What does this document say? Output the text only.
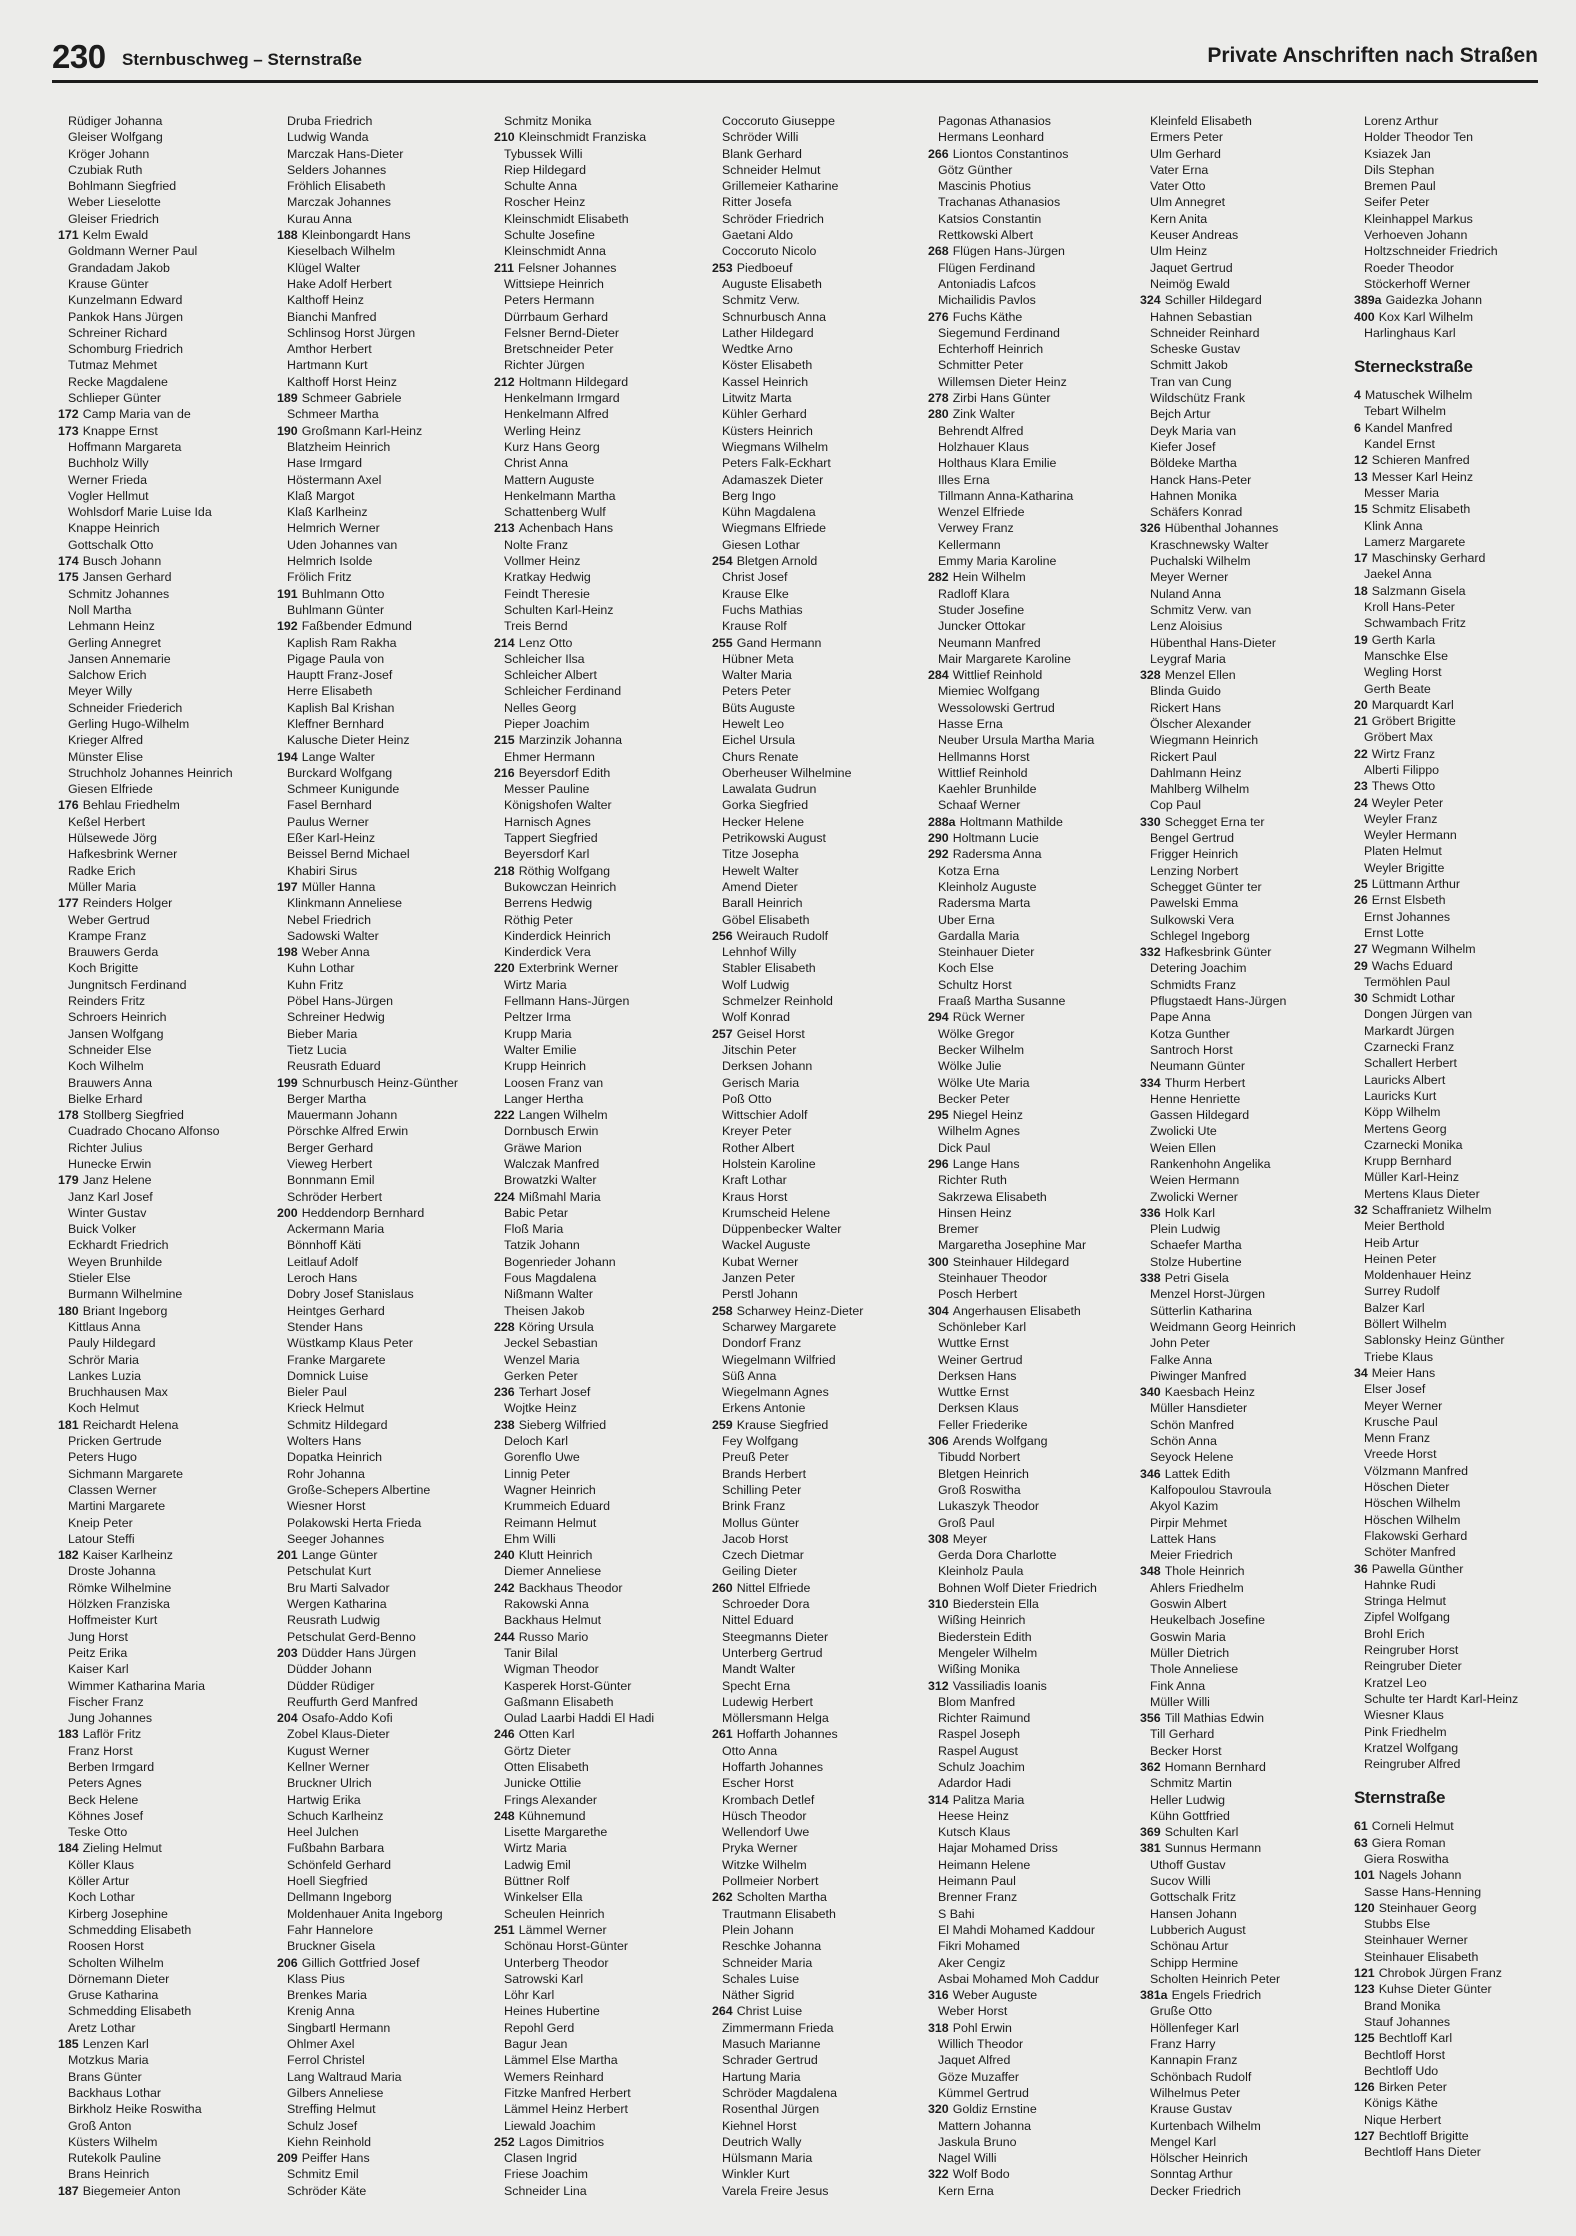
230 Sternbuschweg – Sternstraße	Private Anschriften nach Straßen
Rüdiger Johanna
Gleiser Wolfgang
Kröger Johann
Czubiak Ruth
Bohlmann Siegfried
Weber Lieselotte
Gleiser Friedrich
171 Kelm Ewald
Goldmann Werner Paul
Grandadam Jakob
Krause Günter
Kunzelmann Edward
Pankok Hans Jürgen
Schreiner Richard
Schomburg Friedrich
Tutmaz Mehmet
Recke Magdalene
Schlieper Günter
172 Camp Maria van de
173 Knappe Ernst
Hoffmann Margareta
Buchholz Willy
Werner Frieda
Vogler Hellmut
Wohlsdorf Marie Luise Ida
Knappe Heinrich
Gottschalk Otto
174 Busch Johann
175 Jansen Gerhard
Schmitz Johannes
Noll Martha
Lehmann Heinz
Gerling Annegret
Jansen Annemarie
Salchow Erich
Meyer Willy
Schneider Friederich
Gerling Hugo-Wilhelm
Krieger Alfred
Münster Elise
Struchholz Johannes Heinrich
Giesen Elfriede
176 Behlau Friedhelm
Keßel Herbert
Hülsewede Jörg
Hafkesbrink Werner
Radke Erich
Müller Maria
177 Reinders Holger
Weber Gertrud
Krampe Franz
Brauwers Gerda
Koch Brigitte
Jungnitsch Ferdinand
Reinders Fritz
Schroers Heinrich
Jansen Wolfgang
Schneider Else
Koch Wilhelm
Brauwers Anna
Bielke Erhard
178 Stollberg Siegfried
Cuadrado Chocano Alfonso
Richter Julius
Hunecke Erwin
179 Janz Helene
Janz Karl Josef
Winter Gustav
Buick Volker
Eckhardt Friedrich
Weyen Brunhilde
Stieler Else
Burmann Wilhelmine
180 Briant Ingeborg
Kittlaus Anna
Pauly Hildegard
Schrör Maria
Lankes Luzia
Bruchhausen Max
Koch Helmut
181 Reichardt Helena
Pricken Gertrude
Peters Hugo
Sichmann Margarete
Classen Werner
Martini Margarete
Kneip Peter
Latour Steffi
182 Kaiser Karlheinz
Droste Johanna
Römke Wilhelmine
Hölzken Franziska
Hoffmeister Kurt
Jung Horst
Peitz Erika
Kaiser Karl
Wimmer Katharina Maria
Fischer Franz
Jung Johannes
183 Laflör Fritz
Franz Horst
Berben Irmgard
Peters Agnes
Beck Helene
Köhnes Josef
Teske Otto
184 Zieling Helmut
Köller Klaus
Köller Artur
Koch Lothar
Kirberg Josephine
Schmedding Elisabeth
Roosen Horst
Scholten Wilhelm
Dörnemann Dieter
Gruse Katharina
Schmedding Elisabeth
Aretz Lothar
185 Lenzen Karl
Motzkus Maria
Brans Günter
Backhaus Lothar
Birkholz Heike Roswitha
Groß Anton
Küsters Wilhelm
Rutekolk Pauline
Brans Heinrich
187 Biegemeier Anton
Druba Friedrich
Ludwig Wanda
Marczak Hans-Dieter
Selders Johannes
Fröhlich Elisabeth
Marczak Johannes
Kurau Anna
188 Kleinbongardt Hans
Kieselbach Wilhelm
Klügel Walter
Hake Adolf Herbert
Kalthoff Heinz
Bianchi Manfred
Schlinsog Horst Jürgen
Amthor Herbert
Hartmann Kurt
Kalthoff Horst Heinz
189 Schmeer Gabriele
Schmeer Martha
190 Großmann Karl-Heinz
Blatzheim Heinrich
Hase Irmgard
Höstermann Axel
Klaß Margot
Klaß Karlheinz
Helmrich Werner
Uden Johannes van
Helmrich Isolde
Frölich Fritz
191 Buhlmann Otto
Buhlmann Günter
192 Faßbender Edmund
Kaplish Ram Rakha
Pigage Paula von
Hauptt Franz-Josef
Herre Elisabeth
Kaplish Bal Krishan
Kleffner Bernhard
Kalusche Dieter Heinz
194 Lange Walter
Burckard Wolfgang
Schmeer Kunigunde
Fasel Bernhard
Paulus Werner
Eßer Karl-Heinz
Beissel Bernd Michael
Khabiri Sirus
197 Müller Hanna
Klinkmann Anneliese
Nebel Friedrich
Sadowski Walter
198 Weber Anna
Kuhn Lothar
Kuhn Fritz
Pöbel Hans-Jürgen
Schreiner Hedwig
Bieber Maria
Tietz Lucia
Reusrath Eduard
199 Schnurbusch Heinz-Günther
Berger Martha
Mauermann Johann
Pörschke Alfred Erwin
Berger Gerhard
Vieweg Herbert
Bonnmann Emil
Schröder Herbert
200 Heddendorp Bernhard
Ackermann Maria
Bönnhoff Käti
Leitlauf Adolf
Leroch Hans
Dobry Josef Stanislaus
Heintges Gerhard
Stender Hans
Wüstkamp Klaus Peter
Franke Margarete
Domnick Luise
Bieler Paul
Krieck Helmut
Schmitz Hildegard
Wolters Hans
Dopatka Heinrich
Rohr Johanna
Große-Schepers Albertine
Wiesner Horst
Polakowski Herta Frieda
Seeger Johannes
201 Lange Günter
Petschulat Kurt
Bru Marti Salvador
Wergen Katharina
Reusrath Ludwig
Petschulat Gerd-Benno
203 Düdder Hans Jürgen
Düdder Johann
Düdder Rüdiger
Reuffurth Gerd Manfred
204 Osafo-Addo Kofi
Zobel Klaus-Dieter
Kugust Werner
Kellner Werner
Bruckner Ulrich
Hartwig Erika
Schuch Karlheinz
Heel Julchen
Fußbahn Barbara
Schönfeld Gerhard
Hoell Siegfried
Dellmann Ingeborg
Moldenhauer Anita Ingeborg
Fahr Hannelore
Bruckner Gisela
206 Gillich Gottfried Josef
Klass Pius
Brenkes Maria
Krenig Anna
Singbartl Hermann
Ohlmer Axel
Ferrol Christel
Lang Waltraud Maria
Gilbers Anneliese
Streffing Helmut
Schulz Josef
Kiehn Reinhold
209 Peiffer Hans
Schmitz Emil
Schröder Käte
Schmitz Monika
210 Kleinschmidt Franziska
Tybussek Willi
Riep Hildegard
Schulte Anna
Roscher Heinz
Kleinschmidt Elisabeth
Schulte Josefine
Kleinschmidt Anna
211 Felsner Johannes
Wittsiepe Heinrich
Peters Hermann
Dürrbaum Gerhard
Felsner Bernd-Dieter
Bretschneider Peter
Richter Jürgen
212 Holtmann Hildegard
Henkelmann Irmgard
Henkelmann Alfred
Werling Heinz
Kurz Hans Georg
Christ Anna
Mattern Auguste
Henkelmann Martha
Schattenberg Wulf
213 Achenbach Hans
Nolte Franz
Vollmer Heinz
Kratkay Hedwig
Feindt Theresie
Schulten Karl-Heinz
Treis Bernd
214 Lenz Otto
Schleicher Ilsa
Schleicher Albert
Schleicher Ferdinand
Nelles Georg
Pieper Joachim
215 Marzinzik Johanna
Ehmer Hermann
216 Beyersdorf Edith
Messer Pauline
Königshofen Walter
Harnisch Agnes
Tappert Siegfried
Beyersdorf Karl
218 Röthig Wolfgang
Bukowczan Heinrich
Berrens Hedwig
Röthig Peter
Kinderdick Heinrich
Kinderdick Vera
220 Exterbrink Werner
Wirtz Maria
Fellmann Hans-Jürgen
Peltzer Irma
Krupp Maria
Walter Emilie
Krupp Heinrich
Loosen Franz van
Langer Hertha
222 Langen Wilhelm
Dornbusch Erwin
Gräwe Marion
Walczak Manfred
Browatzki Walter
224 Mißmahl Maria
Babic Petar
Floß Maria
Tatzik Johann
Bogenrieder Johann
Fous Magdalena
Nißmann Walter
Theisen Jakob
228 Köring Ursula
Jeckel Sebastian
Wenzel Maria
Gerken Peter
236 Terhart Josef
Wojtke Heinz
238 Sieberg Wilfried
Deloch Karl
Gorenflo Uwe
Linnig Peter
Wagner Heinrich
Krummeich Eduard
Reimann Helmut
Ehm Willi
240 Klutt Heinrich
Diemer Anneliese
242 Backhaus Theodor
Rakowski Anna
Backhaus Helmut
244 Russo Mario
Tanir Bilal
Wigman Theodor
Kasperek Horst-Günter
Gaßmann Elisabeth
Oulad Laarbi Haddi El Hadi
246 Otten Karl
Görtz Dieter
Otten Elisabeth
Junicke Ottilie
Frings Alexander
248 Kühnemund
Lisette Margarethe
Wirtz Maria
Ladwig Emil
Büttner Rolf
Winkelser Ella
Scheulen Heinrich
251 Lämmel Werner
Schönau Horst-Günter
Unterberg Theodor
Satrowski Karl
Löhr Karl
Heines Hubertine
Repohl Gerd
Bagur Jean
Lämmel Else Martha
Wemers Reinhard
Fitzke Manfred Herbert
Lämmel Heinz Herbert
Liewald Joachim
252 Lagos Dimitrios
Clasen Ingrid
Friese Joachim
Schneider Lina
Coccoruto Giuseppe
Schröder Willi
Blank Gerhard
Schneider Helmut
Grillemeier Katharine
Ritter Josefa
Schröder Friedrich
Gaetani Aldo
Coccoruto Nicolo
253 Piedboeuf
Auguste Elisabeth
Schmitz Verw.
Schnurbusch Anna
Lather Hildegard
Wedtke Arno
Köster Elisabeth
Kassel Heinrich
Litwitz Marta
Kühler Gerhard
Küsters Heinrich
Wiegmans Wilhelm
Peters Falk-Eckhart
Adamaszek Dieter
Berg Ingo
Kühn Magdalena
Wiegmans Elfriede
Giesen Lothar
254 Bletgen Arnold
Christ Josef
Krause Elke
Fuchs Mathias
Krause Rolf
255 Gand Hermann
Hübner Meta
Walter Maria
Peters Peter
Büts Auguste
Hewelt Leo
Eichel Ursula
Churs Renate
Oberheuser Wilhelmine
Lawalata Gudrun
Gorka Siegfried
Hecker Helene
Petrikowski August
Titze Josepha
Hewelt Walter
Amend Dieter
Barall Heinrich
Göbel Elisabeth
256 Weirauch Rudolf
Lehnhof Willy
Stabler Elisabeth
Wolf Ludwig
Schmelzer Reinhold
Wolf Konrad
257 Geisel Horst
Jitschin Peter
Derksen Johann
Gerisch Maria
Poß Otto
Wittschier Adolf
Kreyer Peter
Rother Albert
Holstein Karoline
Kraft Lothar
Kraus Horst
Krumscheid Helene
Düppenbecker Walter
Wackel Auguste
Kubat Werner
Janzen Peter
Perstl Johann
258 Scharwey Heinz-Dieter
Scharwey Margarete
Dondorf Franz
Wiegelmann Wilfried
Süß Anna
Wiegelmann Agnes
Erkens Antonie
259 Krause Siegfried
Fey Wolfgang
Preuß Peter
Brands Herbert
Schilling Peter
Brink Franz
Mollus Günter
Jacob Horst
Czech Dietmar
Geiling Dieter
260 Nittel Elfriede
Schroeder Dora
Nittel Eduard
Steegmanns Dieter
Unterberg Gertrud
Mandt Walter
Specht Erna
Ludewig Herbert
Möllersmann Helga
261 Hoffarth Johannes
Otto Anna
Hoffarth Johannes
Escher Horst
Krombach Detlef
Hüsch Theodor
Wellendorf Uwe
Pryka Werner
Witzke Wilhelm
Pollmeier Norbert
262 Scholten Martha
Trautmann Elisabeth
Plein Johann
Reschke Johanna
Schneider Maria
Schales Luise
Näther Sigrid
264 Christ Luise
Zimmermann Frieda
Masuch Marianne
Schrader Gertrud
Hartung Maria
Schröder Magdalena
Rosenthal Jürgen
Kiehnel Horst
Deutrich Wally
Hülsmann Maria
Winkler Kurt
Varela Freire Jesus
Pagonas Athanasios
Hermans Leonhard
266 Liontos Constantinos
Götz Günther
Mascinis Photius
Trachanas Athanasios
Katsios Constantin
Rettkowski Albert
268 Flügen Hans-Jürgen
Flügen Ferdinand
Antoniadis Lafcos
Michailidis Pavlos
276 Fuchs Käthe
Siegemund Ferdinand
Echterhoff Heinrich
Schmitter Peter
Willemsen Dieter Heinz
278 Zirbi Hans Günter
280 Zink Walter
Behrendt Alfred
Holzhauer Klaus
Holthaus Klara Emilie
Illes Erna
Tillmann Anna-Katharina
Wenzel Elfriede
Verwey Franz
Kellermann
Emmy Maria Karoline
282 Hein Wilhelm
Radloff Klara
Studer Josefine
Juncker Ottokar
Neumann Manfred
Mair Margarete Karoline
284 Wittlief Reinhold
Miemiec Wolfgang
Wessolowski Gertrud
Hasse Erna
Neuber Ursula Martha Maria
Hellmanns Horst
Wittlief Reinhold
Kaehler Brunhilde
Schaaf Werner
288a Holtmann Mathilde
290 Holtmann Lucie
292 Radersma Anna
Kotza Erna
Kleinholz Auguste
Radersma Marta
Uber Erna
Gardalla Maria
Steinhauer Dieter
Koch Else
Schultz Horst
Fraaß Martha Susanne
294 Rück Werner
Wölke Gregor
Becker Wilhelm
Wölke Julie
Wölke Ute Maria
Becker Peter
295 Niegel Heinz
Wilhelm Agnes
Dick Paul
296 Lange Hans
Richter Ruth
Sakrzewa Elisabeth
Hinsen Heinz
Bremer
Margaretha Josephine Mar
300 Steinhauer Hildegard
Steinhauer Theodor
Posch Herbert
304 Angerhausen Elisabeth
Schönleber Karl
Wuttke Ernst
Weiner Gertrud
Derksen Hans
Wuttke Ernst
Derksen Klaus
Feller Friederike
306 Arends Wolfgang
Tibudd Norbert
Bletgen Heinrich
Groß Roswitha
Lukaszyk Theodor
Groß Paul
308 Meyer
Gerda Dora Charlotte
Kleinholz Paula
Bohnen Wolf Dieter Friedrich
310 Biederstein Ella
Wißing Heinrich
Biederstein Edith
Mengeler Wilhelm
Wißing Monika
312 Vassiliadis Ioanis
Blom Manfred
Richter Raimund
Raspel Joseph
Raspel August
Schulz Joachim
Adardor Hadi
314 Palitza Maria
Heese Heinz
Kutsch Klaus
Hajar Mohamed Driss
Heimann Helene
Heimann Paul
Brenner Franz
S Bahi
El Mahdi Mohamed Kaddour
Fikri Mohamed
Aker Cengiz
Asbai Mohamed Moh Caddur
316 Weber Auguste
Weber Horst
318 Pohl Erwin
Willich Theodor
Jaquet Alfred
Göze Muzaffer
Kümmel Gertrud
320 Goldiz Ernstine
Mattern Johanna
Jaskula Bruno
Nagel Willi
322 Wolf Bodo
Kern Erna
Kleinfeld Elisabeth
Ermers Peter
Ulm Gerhard
Vater Erna
Vater Otto
Ulm Annegret
Kern Anita
Keuser Andreas
Ulm Heinz
Jaquet Gertrud
Neimög Ewald
324 Schiller Hildegard
Hahnen Sebastian
Schneider Reinhard
Scheske Gustav
Schmitt Jakob
Tran van Cung
Wildschütz Frank
Bejch Artur
Deyk Maria van
Kiefer Josef
Böldeke Martha
Hanck Hans-Peter
Hahnen Monika
Schäfers Konrad
326 Hübenthal Johannes
Kraschnewsky Walter
Puchalski Wilhelm
Meyer Werner
Nuland Anna
Schmitz Verw. van
Lenz Aloisius
Hübenthal Hans-Dieter
Leygraf Maria
328 Menzel Ellen
Blinda Guido
Rickert Hans
Ölscher Alexander
Wiegmann Heinrich
Rickert Paul
Dahlmann Heinz
Mahlberg Wilhelm
Cop Paul
330 Schegget Erna ter
Bengel Gertrud
Frigger Heinrich
Lenzing Norbert
Schegget Günter ter
Pawelski Emma
Sulkowski Vera
Schlegel Ingeborg
332 Hafkesbrink Günter
Detering Joachim
Schmidts Franz
Pflugstaedt Hans-Jürgen
Pape Anna
Kotza Gunther
Santroch Horst
Neumann Günter
334 Thurm Herbert
Henne Henriette
Gassen Hildegard
Zwolicki Ute
Weien Ellen
Rankenhohn Angelika
Weien Hermann
Zwolicki Werner
336 Holk Karl
Plein Ludwig
Schaefer Martha
Stolze Hubertine
338 Petri Gisela
Menzel Horst-Jürgen
Sütterlin Katharina
Weidmann Georg Heinrich
John Peter
Falke Anna
Piwinger Manfred
340 Kaesbach Heinz
Müller Hansdieter
Schön Manfred
Schön Anna
Seyock Helene
346 Lattek Edith
Kalfopoulou Stavroula
Akyol Kazim
Pirpir Mehmet
Lattek Hans
Meier Friedrich
348 Thole Heinrich
Ahlers Friedhelm
Goswin Albert
Heukelbach Josefine
Goswin Maria
Müller Dietrich
Thole Anneliese
Fink Anna
Müller Willi
356 Till Mathias Edwin
Till Gerhard
Becker Horst
362 Homann Bernhard
Schmitz Martin
Heller Ludwig
Kühn Gottfried
369 Schulten Karl
381 Sunnus Hermann
Uthoff Gustav
Sucov Willi
Gottschalk Fritz
Hansen Johann
Lubberich August
Schönau Artur
Schipp Hermine
Scholten Heinrich Peter
381a Engels Friedrich
Gruße Otto
Höllenfeger Karl
Franz Harry
Kannapin Franz
Schönbach Rudolf
Wilhelmus Peter
Krause Gustav
Kurtenbach Wilhelm
Mengel Karl
Hölscher Heinrich
Sonntag Arthur
Decker Friedrich
Lorenz Arthur
Holder Theodor Ten
Ksiazek Jan
Dils Stephan
Bremen Paul
Seifer Peter
Kleinhappel Markus
Verhoeven Johann
Holtzschneider Friedrich
Roeder Theodor
Stöckerhoff Werner
389a Gaidezka Johann
400 Kox Karl Wilhelm
Harlinghaus Karl
Sterneckstraße
4 Matuschek Wilhelm
Tebart Wilhelm
6 Kandel Manfred
Kandel Ernst
12 Schieren Manfred
13 Messer Karl Heinz
Messer Maria
15 Schmitz Elisabeth
Klink Anna
Lamerz Margarete
17 Maschinsky Gerhard
Jaekel Anna
18 Salzmann Gisela
Kroll Hans-Peter
Schwambach Fritz
19 Gerth Karla
Manschke Else
Wegling Horst
Gerth Beate
20 Marquardt Karl
21 Gröbert Brigitte
Gröbert Max
22 Wirtz Franz
Alberti Filippo
23 Thews Otto
24 Weyler Peter
Weyler Franz
Weyler Hermann
Platen Helmut
Weyler Brigitte
25 Lüttmann Arthur
26 Ernst Elsbeth
Ernst Johannes
Ernst Lotte
27 Wegmann Wilhelm
29 Wachs Eduard
Termöhlen Paul
30 Schmidt Lothar
Dongen Jürgen van
Markardt Jürgen
Czarnecki Franz
Schallert Herbert
Lauricks Albert
Lauricks Kurt
Köpp Wilhelm
Mertens Georg
Czarnecki Monika
Krupp Bernhard
Müller Karl-Heinz
Mertens Klaus Dieter
32 Schaffranietz Wilhelm
Meier Berthold
Heib Artur
Heinen Peter
Moldenhauer Heinz
Surrey Rudolf
Balzer Karl
Böllert Wilhelm
Sablonsky Heinz Günther
Triebe Klaus
34 Meier Hans
Elser Josef
Meyer Werner
Krusche Paul
Menn Franz
Vreede Horst
Völzmann Manfred
Höschen Dieter
Höschen Wilhelm
Höschen Wilhelm
Flakowski Gerhard
Schöter Manfred
36 Pawella Günther
Hahnke Rudi
Stringa Helmut
Zipfel Wolfgang
Brohl Erich
Reingruber Horst
Reingruber Dieter
Kratzel Leo
Schulte ter Hardt Karl-Heinz
Wiesner Klaus
Pink Friedhelm
Kratzel Wolfgang
Reingruber Alfred
Sternstraße
61 Corneli Helmut
63 Giera Roman
Giera Roswitha
101 Nagels Johann
Sasse Hans-Henning
120 Steinhauer Georg
Stubbs Else
Steinhauer Werner
Steinhauer Elisabeth
121 Chrobok Jürgen Franz
123 Kuhse Dieter Günter
Brand Monika
Stauf Johannes
125 Bechtloff Karl
Bechtloff Horst
Bechtloff Udo
126 Birken Peter
Königs Käthe
Nique Herbert
127 Bechtloff Brigitte
Bechtloff Hans Dieter
